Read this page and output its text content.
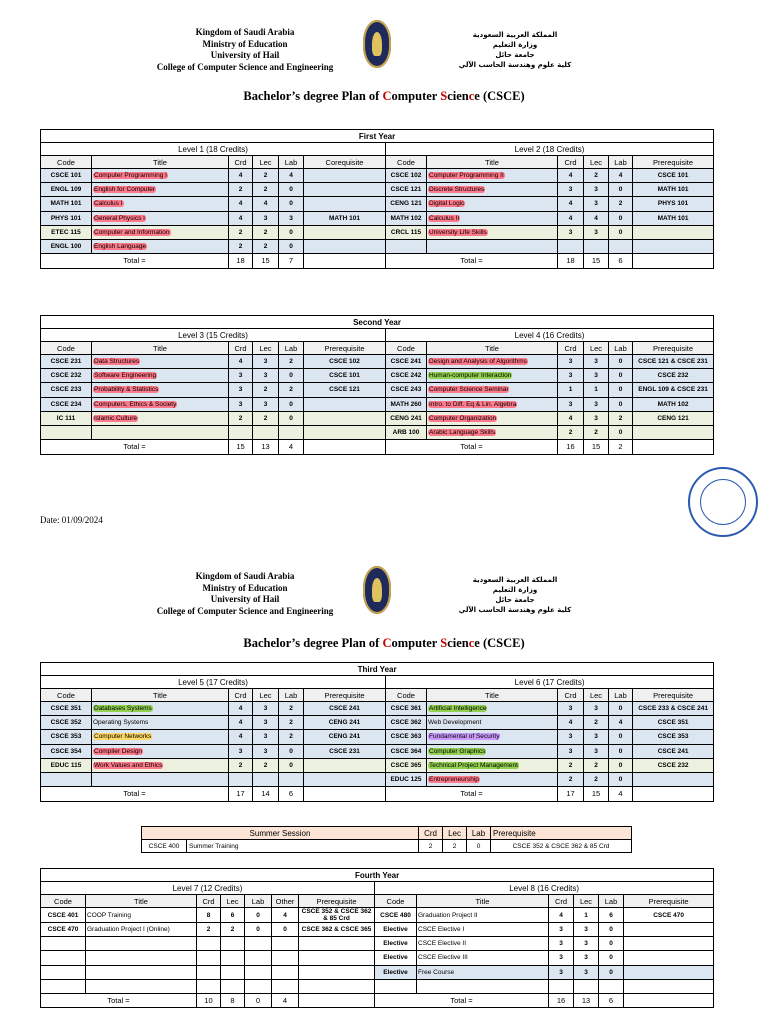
Kingdom of Saudi Arabia
Ministry of Education
University of Hail
College of Computer Science and Engineering
المملكة العربية السعودية
وزارة التعليم
جامعة حائل
كلية علوم وهندسة الحاسب الآلي
Bachelor’s degree Plan of Computer Science (CSCE)
First Year											
Level 1 (18 Credits)						Level 2 (18 Credits)					
Code	Title	Crd	Lec	Lab	Corequisite	Code	Title	Crd	Lec	Lab	Prerequisite
CSCE 101	Computer Programming I	4	2	4		CSCE 102	Computer Programming II	4	2	4	CSCE 101
ENGL 109	English for Computer	2	2	0		CSCE 121	Discrete Structures	3	3	0	MATH 101
MATH 101	Calculus I	4	4	0		CENG 121	Digital Logic	4	3	2	PHYS 101
PHYS 101	General Physics I	4	3	3	MATH 101	MATH 102	Calculus II	4	4	0	MATH 101
ETEC 115	Computer and Information	2	2	0		CRCL 115	University Life Skills	3	3	0	
ENGL 100	English Language	2	2	0							
Total =		18	15	7		Total =		18	15	6	
Second Year											
Level 3 (15 Credits)						Level 4 (16 Credits)					
Code	Title	Crd	Lec	Lab	Prerequisite	Code	Title	Crd	Lec	Lab	Prerequisite
CSCE 231	Data Structures	4	3	2	CSCE 102	CSCE 241	Design and Analysis of Algorithms	3	3	0	CSCE 121 & CSCE 231
CSCE 232	Software Engineering	3	3	0	CSCE 101	CSCE 242	Human-computer Interaction	3	3	0	CSCE 232
CSCE 233	Probability & Statistics	3	2	2	CSCE 121	CSCE 243	Computer Science Seminar	1	1	0	ENGL 109 & CSCE 231
CSCE 234	Computers, Ethics & Society	3	3	0		MATH 260	Intro. to Diff. Eq & Lin. Algebra	3	3	0	MATH 102
IC 111	Islamic Culture	2	2	0		CENG 241	Computer Organization	4	3	2	CENG 121
						ARB 100	Arabic Language Skills	2	2	0	
Total =		15	13	4		Total =		16	15	2	
Date: 01/09/2024
Kingdom of Saudi Arabia
Ministry of Education
University of Hail
College of Computer Science and Engineering
المملكة العربية السعودية
وزارة التعليم
جامعة حائل
كلية علوم وهندسة الحاسب الآلي
Bachelor’s degree Plan of Computer Science (CSCE)
Third Year											
Level 5 (17 Credits)						Level 6 (17 Credits)					
Code	Title	Crd	Lec	Lab	Prerequisite	Code	Title	Crd	Lec	Lab	Prerequisite
CSCE 351	Databases Systems	4	3	2	CSCE 241	CSCE 361	Artificial Intelligence	3	3	0	CSCE 233 & CSCE 241
CSCE 352	Operating Systems	4	3	2	CENG 241	CSCE 362	Web Development	4	2	4	CSCE 351
CSCE 353	Computer Networks	4	3	2	CENG 241	CSCE 363	Fundamental of Security	3	3	0	CSCE 353
CSCE 354	Compiler Design	3	3	0	CSCE 231	CSCE 364	Computer Graphics	3	3	0	CSCE 241
EDUC 115	Work Values and Ethics	2	2	0		CSCE 365	Technical Project Management	2	2	0	CSCE 232
						EDUC 125	Entrepreneurship	2	2	0	
Total =		17	14	6		Total =		17	15	4	
Summer Session		Crd	Lec	Lab	Prerequisite
CSCE 400	Summer Training	2	2	0	CSCE 352 & CSCE 362 & 85 Crd
Fourth Year												
Level 7 (12 Credits)							Level 8 (16 Credits)					
Code	Title	Crd	Lec	Lab	Other	Prerequisite	Code	Title	Crd	Lec	Lab	Prerequisite
CSCE 401	COOP Training	8	6	0	4	CSCE 352 & CSCE 362 & 85 Crd	CSCE 480	Graduation Project II	4	1	6	CSCE 470
CSCE 470	Graduation Project I (Online)	2	2	0	0	CSCE 362 & CSCE 365	Elective	CSCE Elective I	3	3	0	
							Elective	CSCE Elective II	3	3	0	
							Elective	CSCE Elective III	3	3	0	
							Elective	Free Course	3	3	0	

Total =		10	8	0	4		Total =		16	13	6	
